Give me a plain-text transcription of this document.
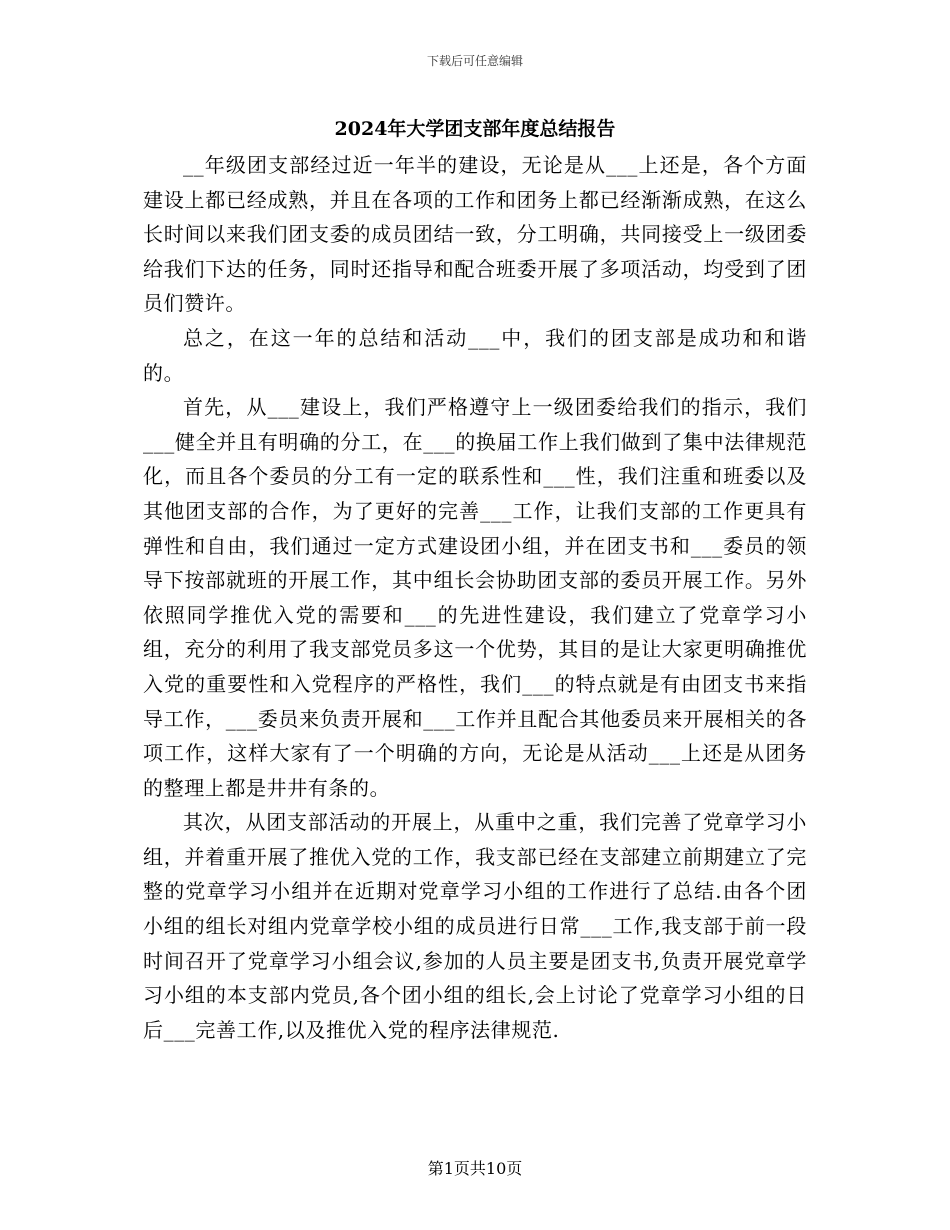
下载后可任意编辑
2024年大学团支部年度总结报告

__年级团支部经过近一年半的建设，无论是从___上还是，各个方面建设上都已经成熟，并且在各项的工作和团务上都已经渐渐成熟，在这么长时间以来我们团支委的成员团结一致，分工明确，共同接受上一级团委给我们下达的任务，同时还指导和配合班委开展了多项活动，均受到了团员们赞许。

总之，在这一年的总结和活动___中，我们的团支部是成功和和谐的。

首先，从___建设上，我们严格遵守上一级团委给我们的指示，我们___健全并且有明确的分工，在___的换届工作上我们做到了集中法律规范化，而且各个委员的分工有一定的联系性和___性，我们注重和班委以及其他团支部的合作，为了更好的完善___工作，让我们支部的工作更具有弹性和自由，我们通过一定方式建设团小组，并在团支书和___委员的领导下按部就班的开展工作，其中组长会协助团支部的委员开展工作。另外依照同学推优入党的需要和___的先进性建设，我们建立了党章学习小组，充分的利用了我支部党员多这一个优势，其目的是让大家更明确推优入党的重要性和入党程序的严格性，我们___的特点就是有由团支书来指导工作，___委员来负责开展和___工作并且配合其他委员来开展相关的各项工作，这样大家有了一个明确的方向，无论是从活动___上还是从团务的整理上都是井井有条的。

其次，从团支部活动的开展上，从重中之重，我们完善了党章学习小组，并着重开展了推优入党的工作，我支部已经在支部建立前期建立了完整的党章学习小组并在近期对党章学习小组的工作进行了总结.由各个团小组的组长对组内党章学校小组的成员进行日常___工作,我支部于前一段时间召开了党章学习小组会议,参加的人员主要是团支书,负责开展党章学习小组的本支部内党员,各个团小组的组长,会上讨论了党章学习小组的日后___完善工作,以及推优入党的程序法律规范.

第1页共10页
